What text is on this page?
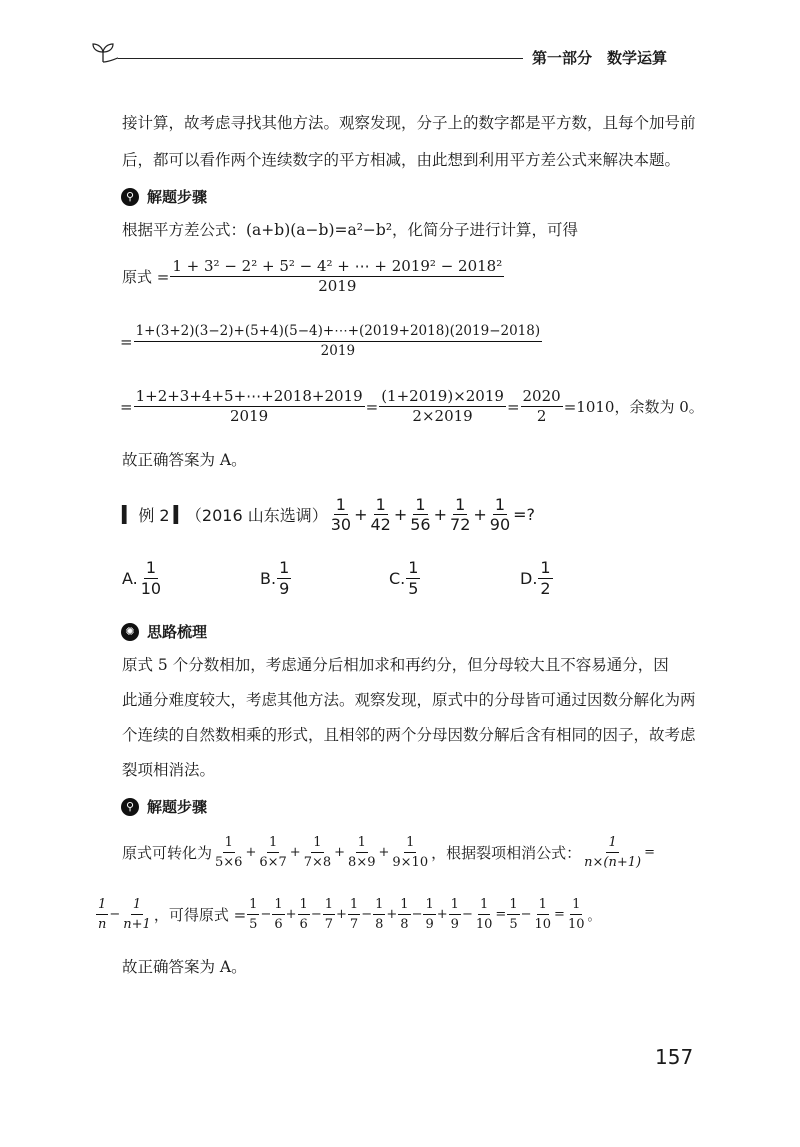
第一部分　数学运算
接计算，故考虑寻找其他方法。观察发现，分子上的数字都是平方数，且每个加号前
后，都可以看作两个连续数字的平方相减，由此想到利用平方差公式来解决本题。
⚲ 解题步骤
根据平方差公式：(a+b)(a−b)=a²−b²，化简分子进行计算，可得
原式 = $\frac{\text{1 + 3² − 2² + 5² − 4² + ⋯ + 2019² − 2018²}}{2019}$
= $\frac{1+(3+2)(3-2)+(5+4)(5-4)+\cdots+(2019+2018)(2019-2018)}{2019}$
= $\frac{1+2+3+4+5+\cdots+2018+2019}{2019} = \frac{(1+2019)\times 2019}{2\times 2019} = \frac{2020}{2} =1010$，余数为 0。
故正确答案为 A。
▍ 例 2 ▍ （2016 山东选调） $\frac{1}{30} + \frac{1}{42} + \frac{1}{56} + \frac{1}{72} + \frac{1}{90}$ =?
A. $\frac{1}{10}$	B. $\frac{1}{9}$	C. $\frac{1}{5}$	D. $\frac{1}{2}$
✺ 思路梳理
原式 5 个分数相加，考虑通分后相加求和再约分，但分母较大且不容易通分，因
此通分难度较大，考虑其他方法。观察发现，原式中的分母皆可通过因数分解化为两
个连续的自然数相乘的形式，且相邻的两个分母因数分解后含有相同的因子，故考虑
裂项相消法。
⚲ 解题步骤
原式可转化为 $\frac{1}{5\times 6} + \frac{1}{6\times 7} + \frac{1}{7\times 8} + \frac{1}{8\times 9} + \frac{1}{9\times 10}$ ，根据裂项相消公式： $\frac{1}{n\times(n+1)}$ =
$\frac{1}{n} - \frac{1}{n+1}$ ，可得原式 = $\frac{1}{5} - \frac{1}{6} + \frac{1}{6} - \frac{1}{7} + \frac{1}{7} - \frac{1}{8} + \frac{1}{8} - \frac{1}{9} + \frac{1}{9} - \frac{1}{10} = \frac{1}{5} - \frac{1}{10} = \frac{1}{10}$ 。
故正确答案为 A。
157
